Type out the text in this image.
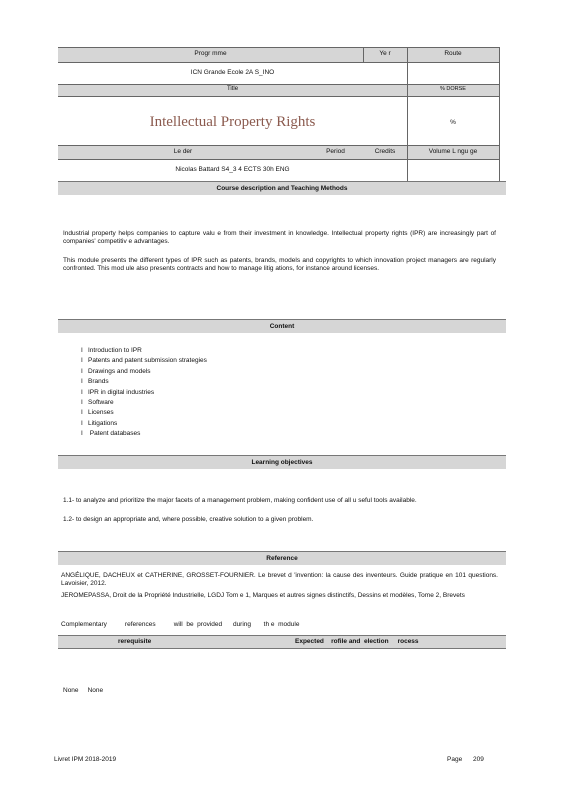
Progr mme	Ye r	Route
ICN Grande Ecole 2A S_INO
Title	% DORSE
Intellectual Property Rights	%
Le der	Period	Credits	Volume L ngu ge
Nicolas Battard S4_3 4 ECTS 30h ENG
Course description and Teaching Methods
Industrial property helps companies to capture valu e from their investment in knowledge. Intellectual property rights (IPR) are increasingly part of companies' competitiv e advantages.
This module presents the different types of IPR such as patents, brands, models and copyrights to which innovation project managers are regularly confronted. This mod ule also presents contracts and how to manage litig ations, for instance around licenses.
Content
I Introduction to IPR
I Patents and patent submission strategies
I Drawings and models
I Brands
I IPR in digital industries
I Software
I Licenses
I Litigations
I Patent databases
Learning objectives
1.1- to analyze and prioritize the major facets of a management problem, making confident use of all u seful tools available.
1.2- to design an appropriate and, where possible, creative solution to a given problem.
Reference
ANGÉLIQUE, DACHEUX et CATHERINE, GROSSET-FOURNIER. Le brevet d 'invention: la cause des inventeurs. Guide pratique en 101 questions. Lavoisier, 2012.
JEROMEPASSA, Droit de la Propriété Industrielle, LGDJ Tom e 1, Marques et autres signes distinctifs, Dessins et modèles, Tome 2, Brevets
Complementary          references          will  be  provided      during       th e  module
rerequisite	Expected    rofile and  election     rocess
None     None
Livret IPM 2018-2019	Page      209
